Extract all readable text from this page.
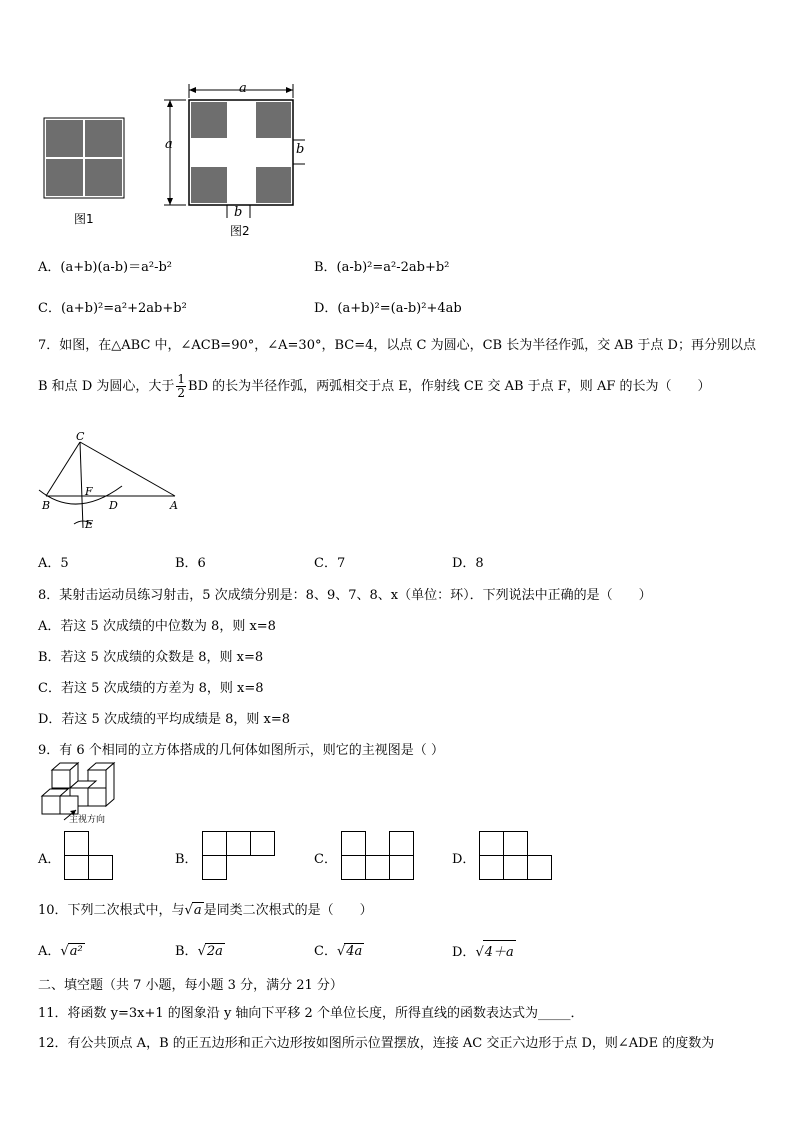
图1
a
a	b
b
图2
A．(a+b)(a-b)＝a²-b²	B．(a-b)²=a²-2ab+b²
C．(a+b)²=a²+2ab+b²	D．(a+b)²=(a-b)²+4ab
7．如图，在△ABC 中，∠ACB=90°，∠A=30°，BC=4，以点 C 为圆心，CB 长为半径作弧，交 AB 于点 D；再分别以点
B 和点 D 为圆心，大于 $\frac{1}{2}$ BD 的长为半径作弧，两弧相交于点 E，作射线 CE 交 AB 于点 F，则 AF 的长为（　　）
C
F
B	D	A
E
A．5	B．6	C．7	D．8
8．某射击运动员练习射击，5 次成绩分别是：8、9、7、8、x（单位：环）．下列说法中正确的是（　　）
A．若这 5 次成绩的中位数为 8，则 x=8
B．若这 5 次成绩的众数是 8，则 x=8
C．若这 5 次成绩的方差为 8，则 x=8
D．若这 5 次成绩的平均成绩是 8，则 x=8
9．有 6 个相同的立方体搭成的几何体如图所示，则它的主视图是（ ）
主视方向
A．	B．	C．	D．
10．下列二次根式中，与√a 是同类二次根式的是（　　）
A．√a²	B．√2a	C．√4a	D．√4＋a
二、填空题（共 7 小题，每小题 3 分，满分 21 分）
11．将函数 y=3x+1 的图象沿 y 轴向下平移 2 个单位长度，所得直线的函数表达式为_____．
12．有公共顶点 A，B 的正五边形和正六边形按如图所示位置摆放，连接 AC 交正六边形于点 D，则∠ADE 的度数为
